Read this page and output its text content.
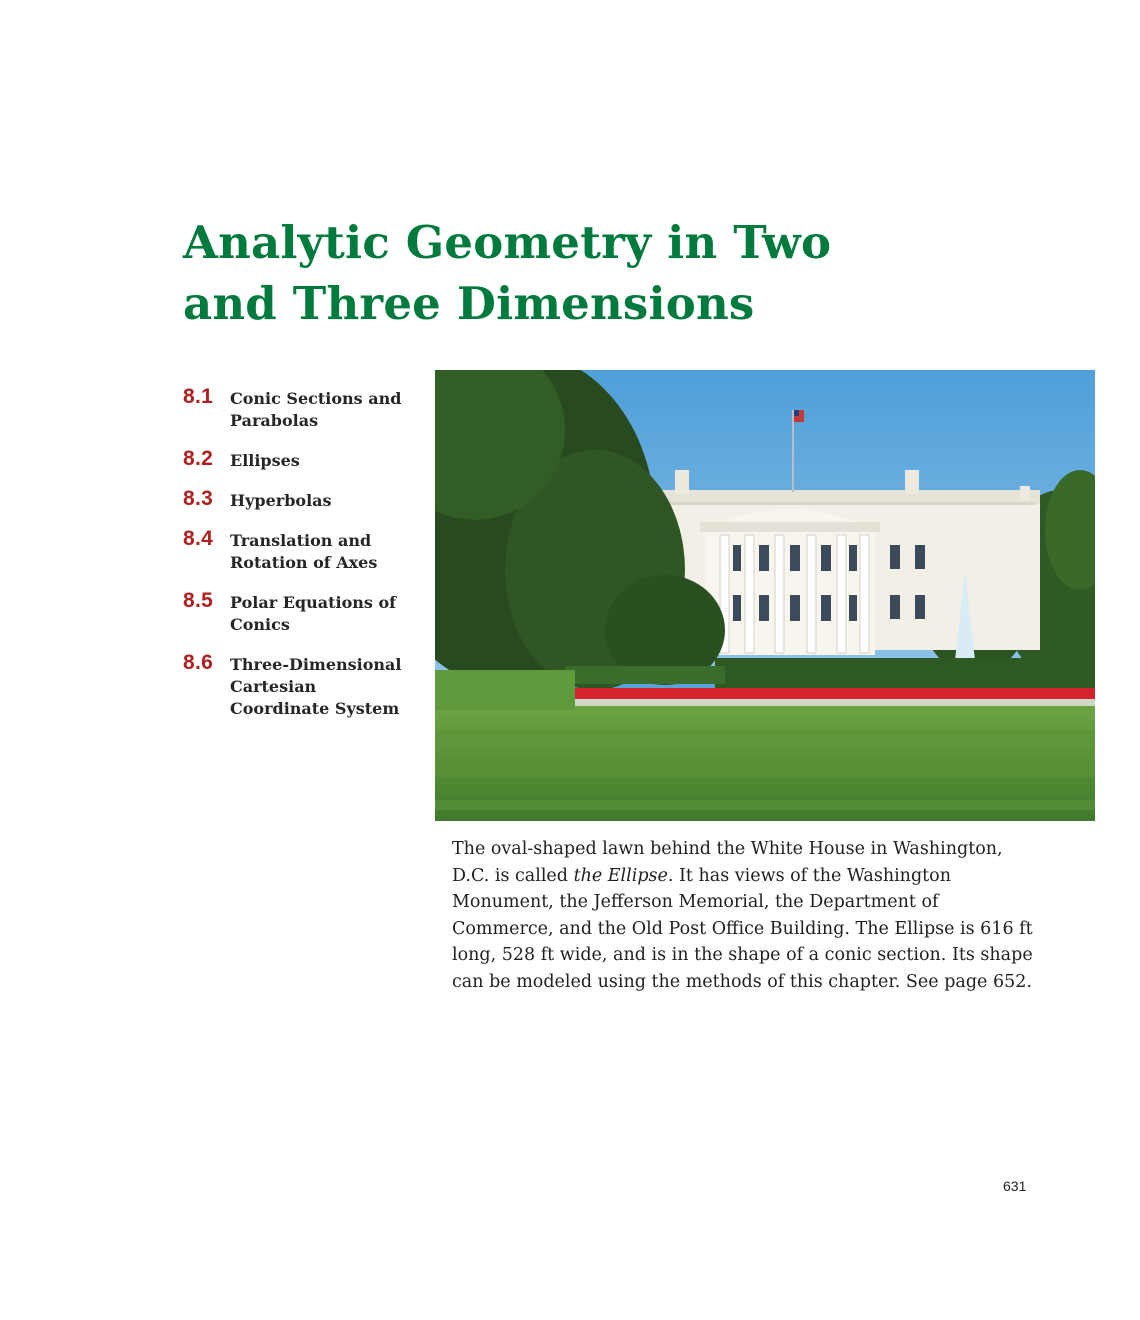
Analytic Geometry in Two
and Three Dimensions
8.1 Conic Sections and
Parabolas
8.2 Ellipses
8.3 Hyperbolas
8.4 Translation and
Rotation of Axes
8.5 Polar Equations of
Conics
8.6 Three-Dimensional
Cartesian
Coordinate System

The oval-shaped lawn behind the White House in Washington, D.C. is called the Ellipse. It has views of the Washington Monument, the Jefferson Memorial, the Department of Commerce, and the Old Post Office Building. The Ellipse is 616 ft long, 528 ft wide, and is in the shape of a conic section. Its shape can be modeled using the methods of this chapter. See page 652.

631
